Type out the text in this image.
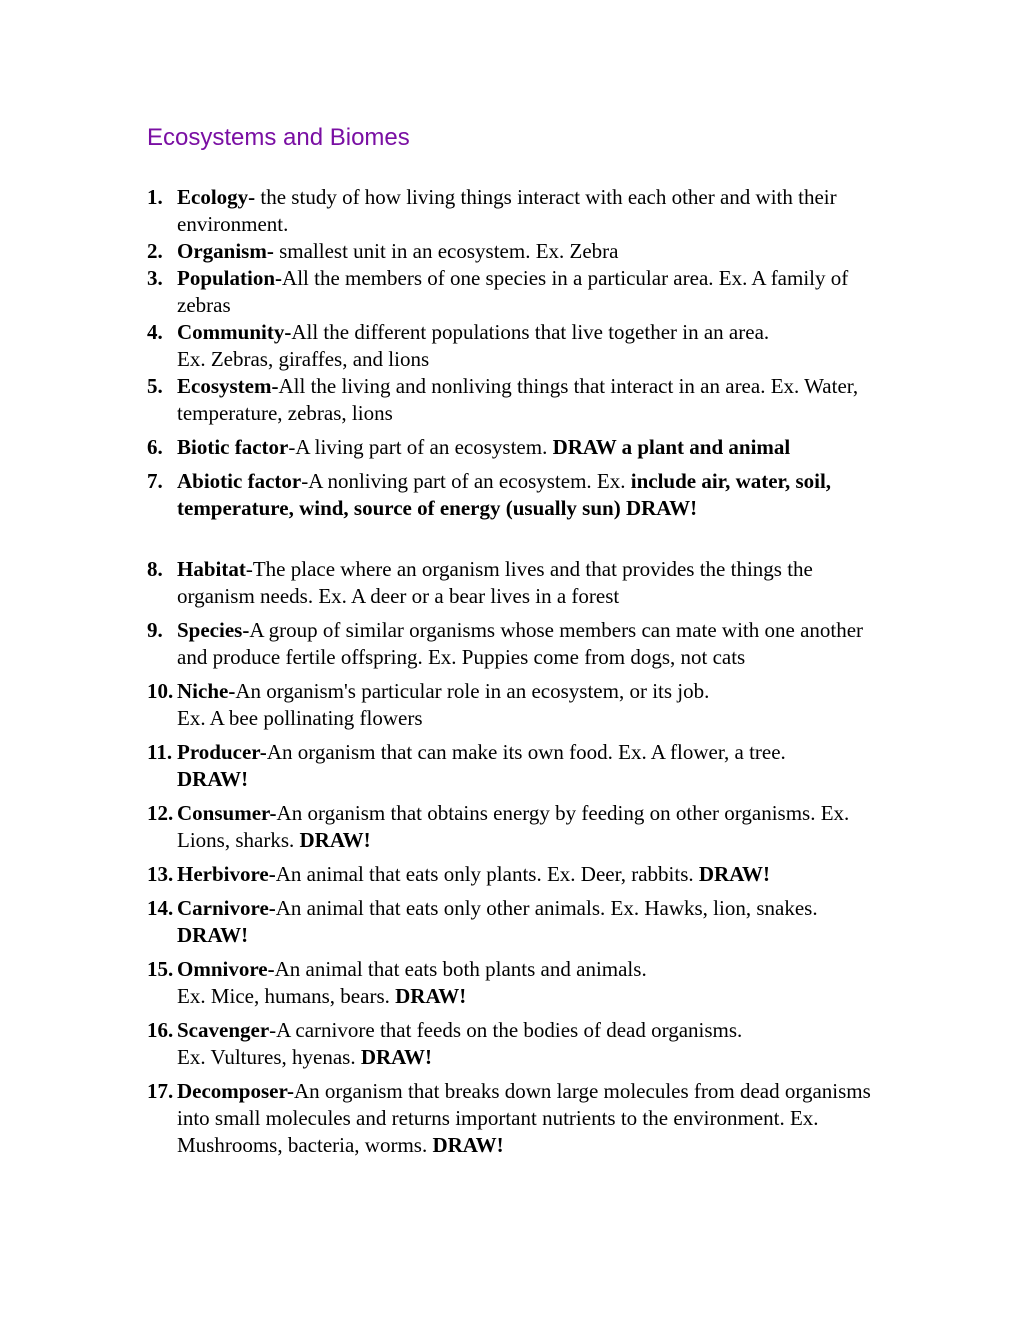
Ecosystems and Biomes
1. Ecology- the study of how living things interact with each other and with their environment.
2. Organism- smallest unit in an ecosystem. Ex. Zebra
3. Population-All the members of one species in a particular area. Ex. A family of zebras
4. Community-All the different populations that live together in an area.
Ex. Zebras, giraffes, and lions
5. Ecosystem-All the living and nonliving things that interact in an area. Ex. Water, temperature, zebras, lions
6. Biotic factor-A living part of an ecosystem. DRAW a plant and animal
7. Abiotic factor-A nonliving part of an ecosystem. Ex. include air, water, soil, temperature, wind, source of energy (usually sun) DRAW!
8. Habitat-The place where an organism lives and that provides the things the organism needs. Ex. A deer or a bear lives in a forest
9. Species-A group of similar organisms whose members can mate with one another and produce fertile offspring. Ex. Puppies come from dogs, not cats
10. Niche-An organism's particular role in an ecosystem, or its job.
Ex. A bee pollinating flowers
11. Producer-An organism that can make its own food. Ex. A flower, a tree.
DRAW!
12. Consumer-An organism that obtains energy by feeding on other organisms. Ex. Lions, sharks. DRAW!
13. Herbivore-An animal that eats only plants. Ex. Deer, rabbits. DRAW!
14. Carnivore-An animal that eats only other animals. Ex. Hawks, lion, snakes. DRAW!
15. Omnivore-An animal that eats both plants and animals.
Ex. Mice, humans, bears. DRAW!
16. Scavenger-A carnivore that feeds on the bodies of dead organisms.
Ex. Vultures, hyenas. DRAW!
17. Decomposer-An organism that breaks down large molecules from dead organisms into small molecules and returns important nutrients to the environment. Ex. Mushrooms, bacteria, worms. DRAW!
